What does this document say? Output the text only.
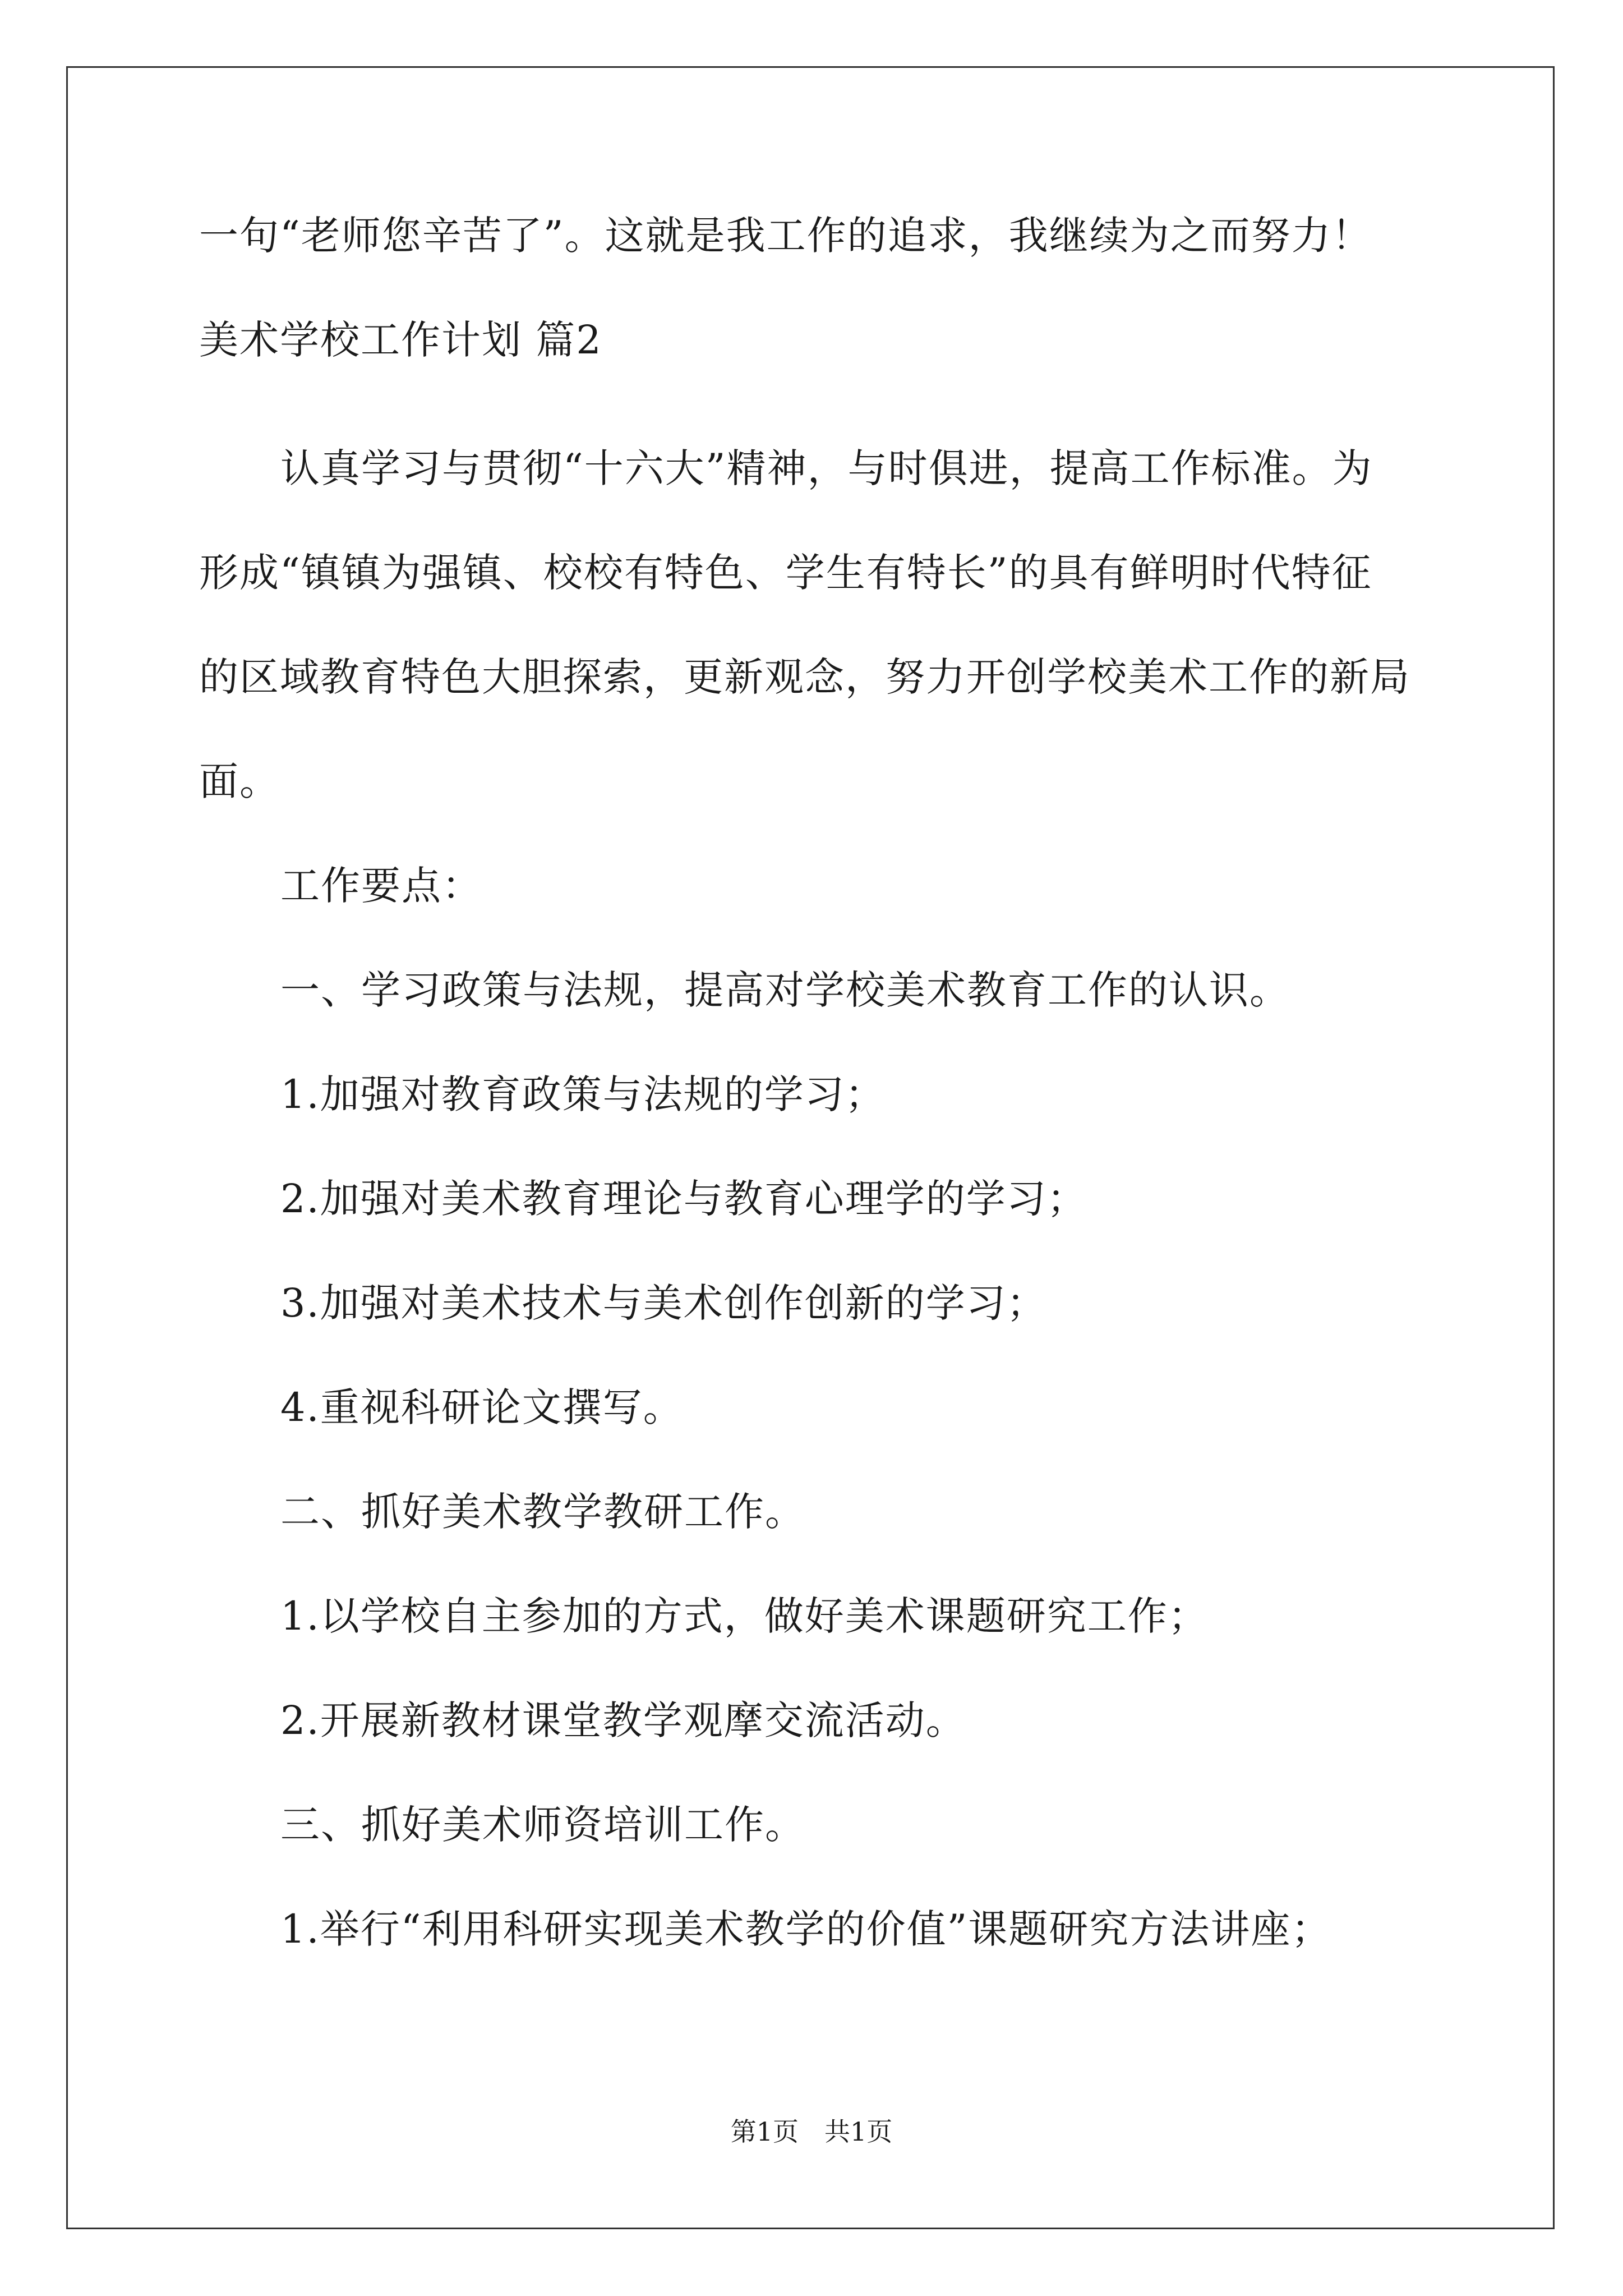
一句“老师您辛苦了”。这就是我工作的追求，我继续为之而努力！
美术学校工作计划 篇2
认真学习与贯彻“十六大”精神，与时俱进，提高工作标准。为
形成“镇镇为强镇、校校有特色、学生有特长”的具有鲜明时代特征
的区域教育特色大胆探索，更新观念，努力开创学校美术工作的新局
面。
工作要点：
一、学习政策与法规，提高对学校美术教育工作的认识。
1.加强对教育政策与法规的学习；
2.加强对美术教育理论与教育心理学的学习；
3.加强对美术技术与美术创作创新的学习；
4.重视科研论文撰写。
二、抓好美术教学教研工作。
1.以学校自主参加的方式，做好美术课题研究工作；
2.开展新教材课堂教学观摩交流活动。
三、抓好美术师资培训工作。
1.举行“利用科研实现美术教学的价值”课题研究方法讲座；
第1页　共1页
